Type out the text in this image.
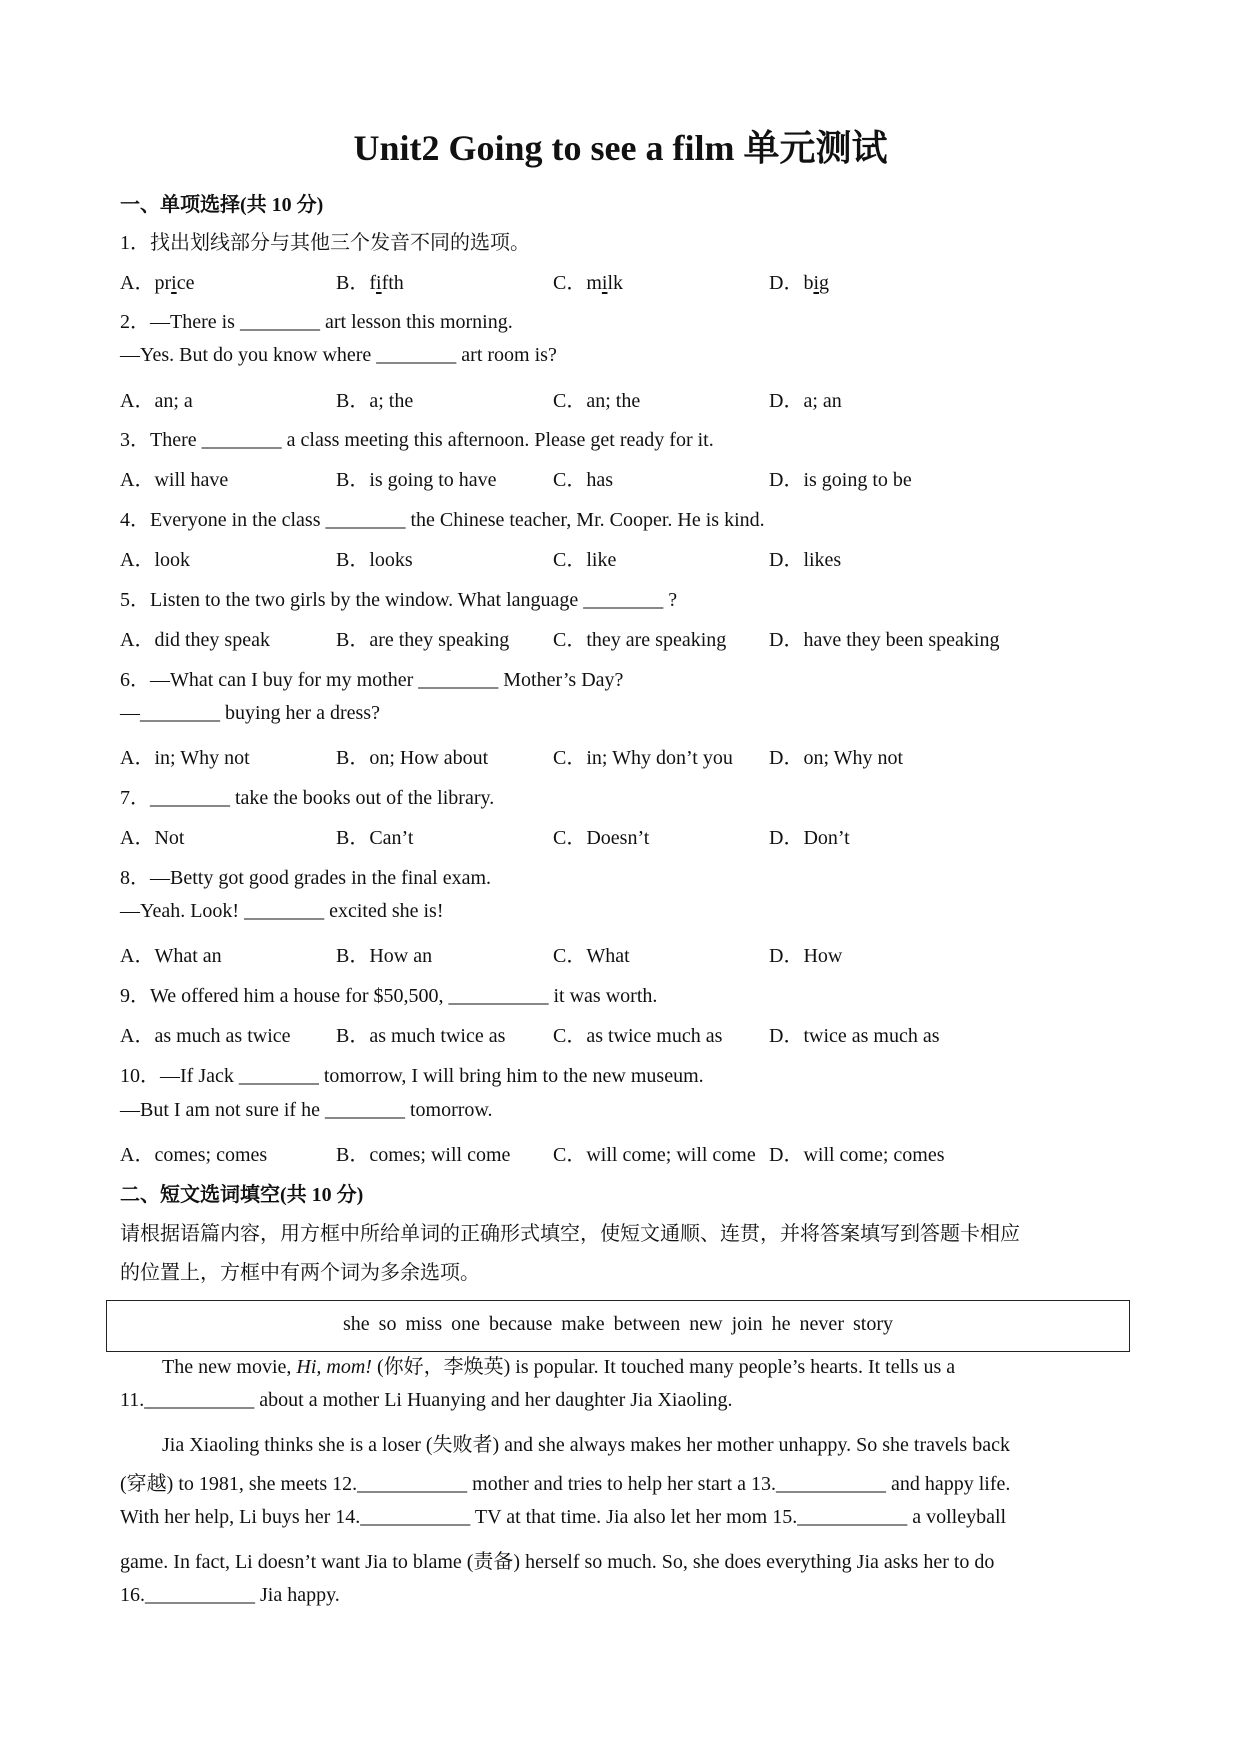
Unit2 Going to see a film 单元测试
一、单项选择(共 10 分)
1．找出划线部分与其他三个发音不同的选项。
A．price	B．fifth	C．milk	D．big
2．—There is ________ art lesson this morning.
—Yes. But do you know where ________ art room is?
A．an; a	B．a; the	C．an; the	D．a; an
3．There ________ a class meeting this afternoon. Please get ready for it.
A．will have	B．is going to have	C．has	D．is going to be
4．Everyone in the class ________ the Chinese teacher, Mr. Cooper. He is kind.
A．look	B．looks	C．like	D．likes
5．Listen to the two girls by the window. What language ________ ?
A．did they speak	B．are they speaking C．they are speaking D．have they been speaking
6．—What can I buy for my mother ________ Mother’s Day?
—________ buying her a dress?
A．in; Why not	B．on; How about	C．in; Why don’t you D．on; Why not
7．________ take the books out of the library.
A．Not	B．Can’t	C．Doesn’t	D．Don’t
8．—Betty got good grades in the final exam.
—Yeah. Look! ________ excited she is!
A．What an	B．How an	C．What	D．How
9．We offered him a house for $50,500, __________ it was worth.
A．as much as twice B．as much twice as C．as twice much as D．twice as much as
10．—If Jack ________ tomorrow, I will bring him to the new museum.
—But I am not sure if he ________ tomorrow.
A．comes; comes	B．comes; will come C．will come; will come D．will come; comes
二、短文选词填空(共 10 分)
请根据语篇内容，用方框中所给单词的正确形式填空，使短文通顺、连贯，并将答案填写到答题卡相应
的位置上，方框中有两个词为多余选项。
she so miss one because make between new join he never story
The new movie, Hi, mom! (你好，李焕英) is popular. It touched many people’s hearts. It tells us a
11.___________ about a mother Li Huanying and her daughter Jia Xiaoling.
Jia Xiaoling thinks she is a loser (失败者) and she always makes her mother unhappy. So she travels back
(穿越) to 1981, she meets 12.___________ mother and tries to help her start a 13.___________ and happy life.
With her help, Li buys her 14.___________ TV at that time. Jia also let her mom 15.___________ a volleyball
game. In fact, Li doesn’t want Jia to blame (责备) herself so much. So, she does everything Jia asks her to do
16.___________ Jia happy.
